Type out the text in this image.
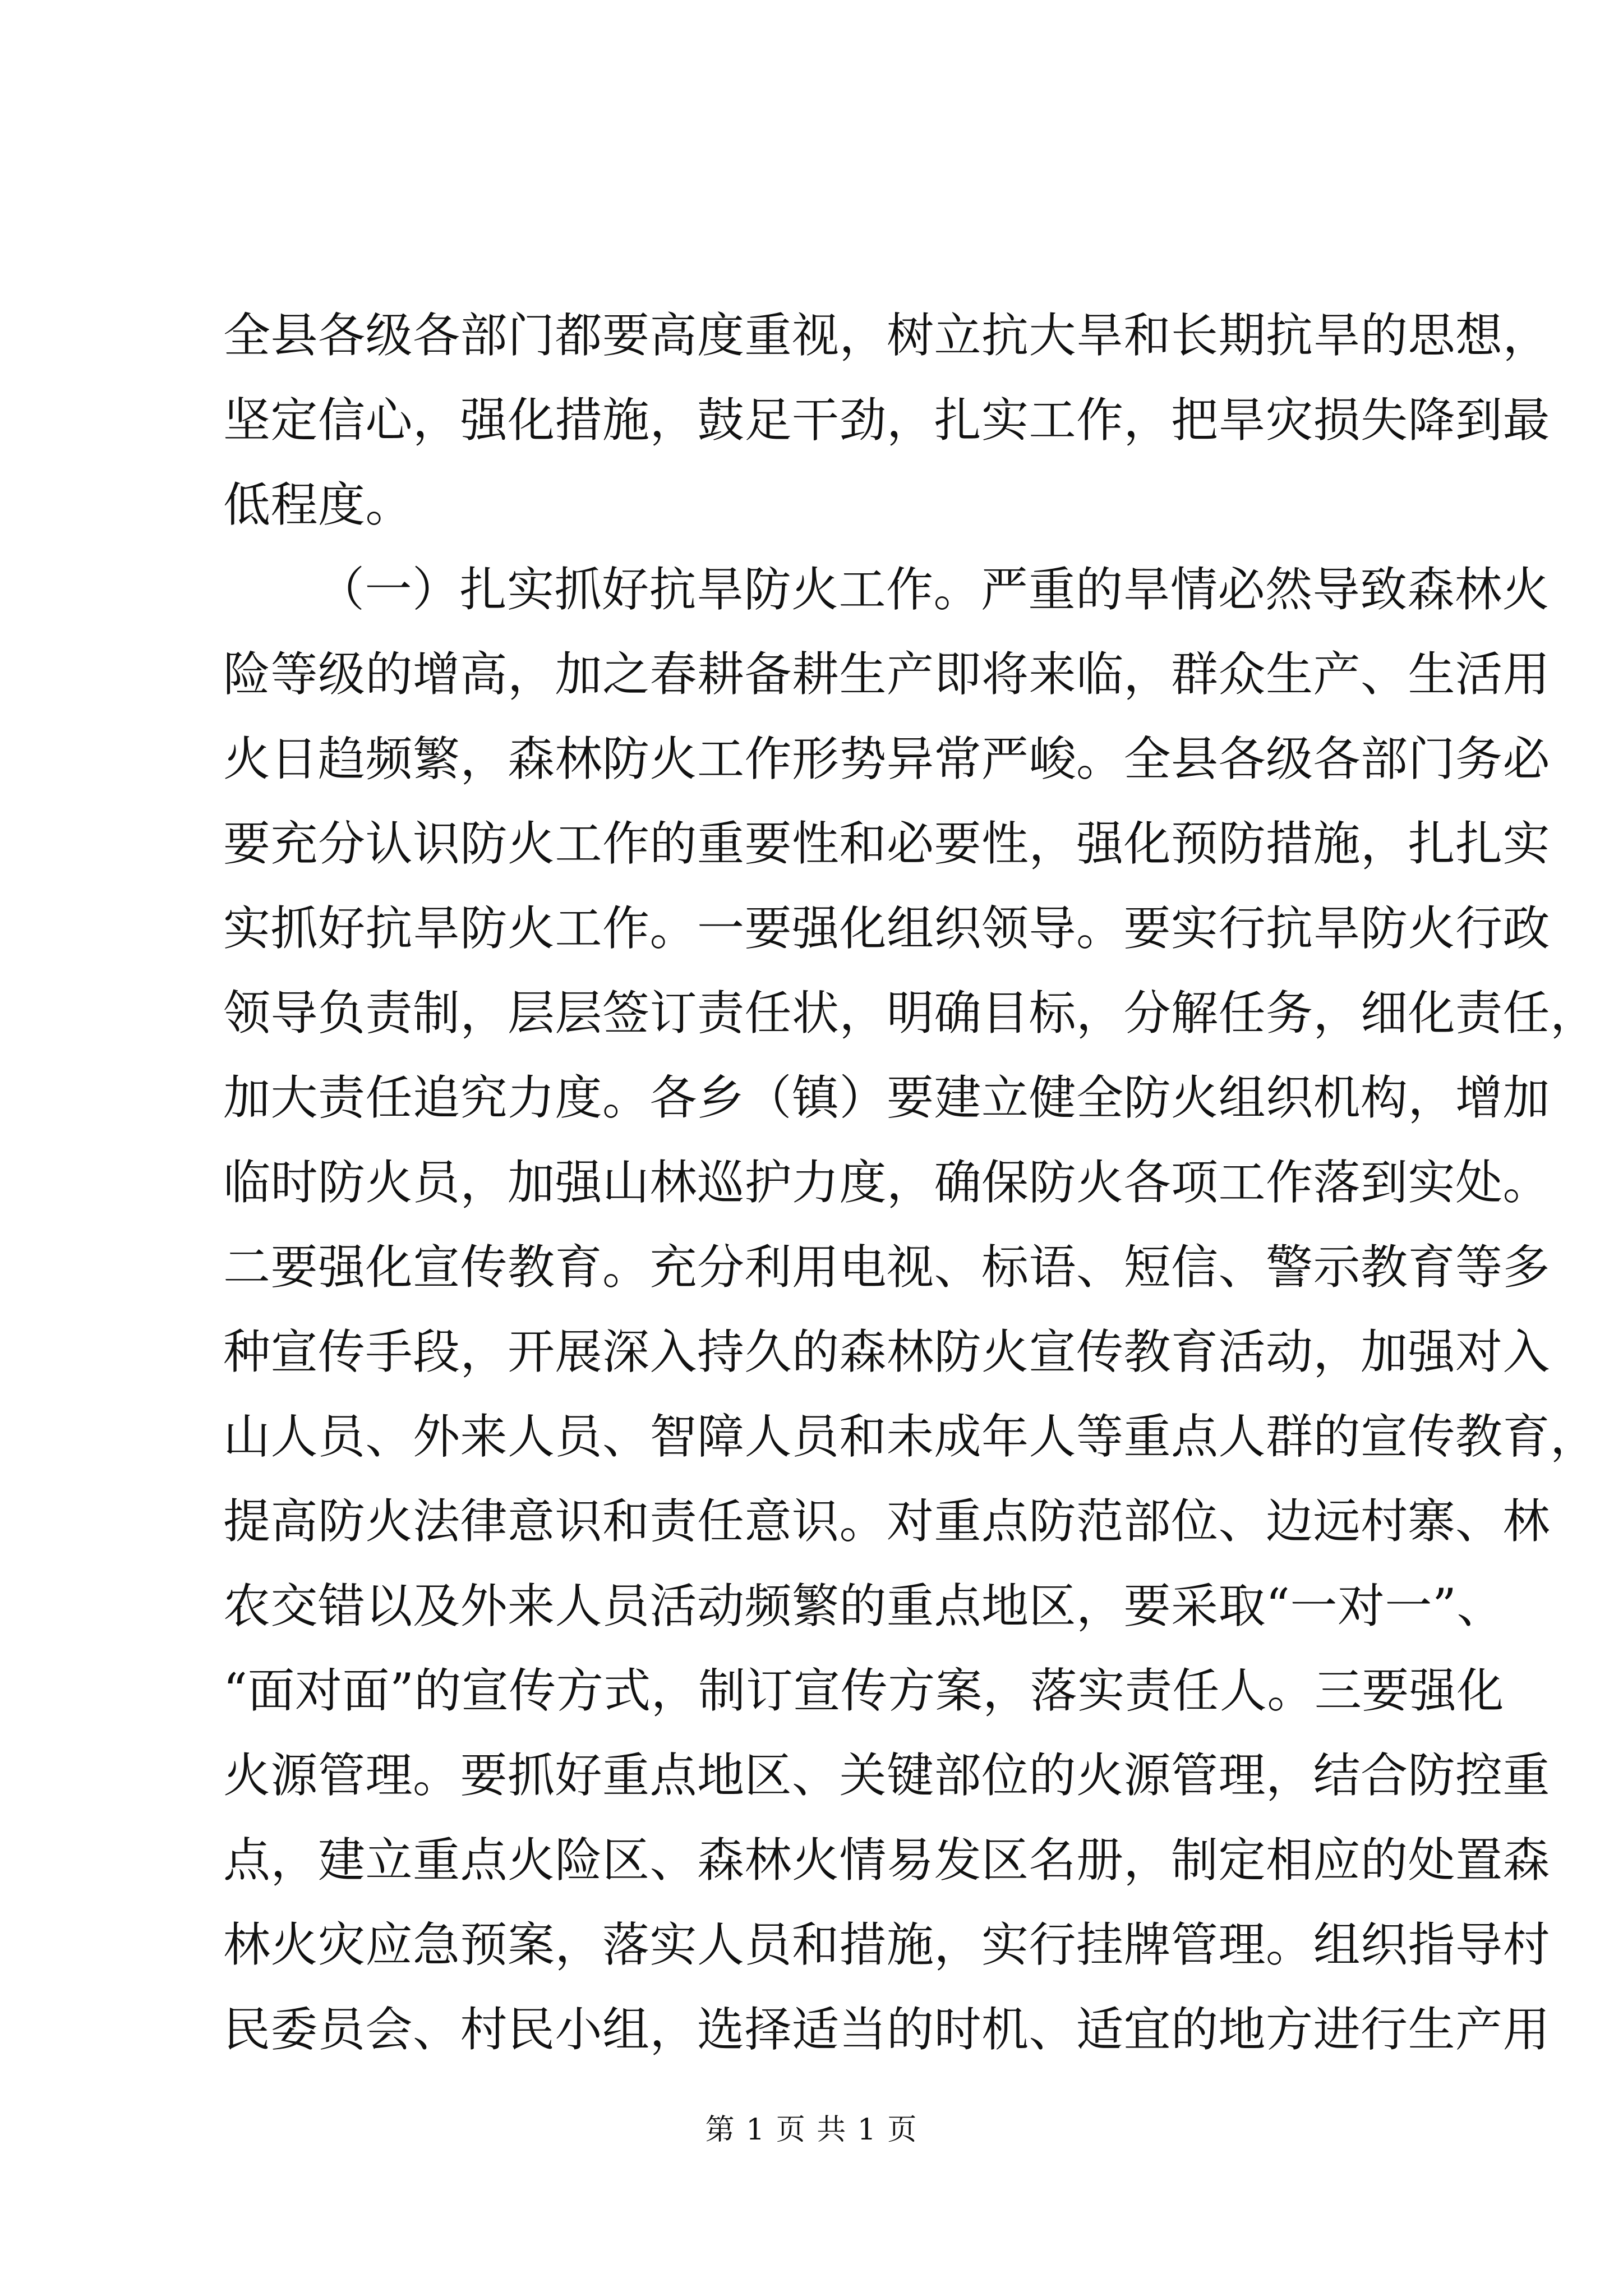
全县各级各部门都要高度重视，树立抗大旱和长期抗旱的思想，
坚定信心，强化措施，鼓足干劲，扎实工作，把旱灾损失降到最
低程度。
（一）扎实抓好抗旱防火工作。严重的旱情必然导致森林火
险等级的增高，加之春耕备耕生产即将来临，群众生产、生活用
火日趋频繁，森林防火工作形势异常严峻。全县各级各部门务必
要充分认识防火工作的重要性和必要性，强化预防措施，扎扎实
实抓好抗旱防火工作。一要强化组织领导。要实行抗旱防火行政
领导负责制，层层签订责任状，明确目标，分解任务，细化责任，
加大责任追究力度。各乡（镇）要建立健全防火组织机构，增加
临时防火员，加强山林巡护力度，确保防火各项工作落到实处。
二要强化宣传教育。充分利用电视、标语、短信、警示教育等多
种宣传手段，开展深入持久的森林防火宣传教育活动，加强对入
山人员、外来人员、智障人员和未成年人等重点人群的宣传教育，
提高防火法律意识和责任意识。对重点防范部位、边远村寨、林
农交错以及外来人员活动频繁的重点地区，要采取“一对一”、
“面对面”的宣传方式，制订宣传方案，落实责任人。三要强化
火源管理。要抓好重点地区、关键部位的火源管理，结合防控重
点，建立重点火险区、森林火情易发区名册，制定相应的处置森
林火灾应急预案，落实人员和措施，实行挂牌管理。组织指导村
民委员会、村民小组，选择适当的时机、适宜的地方进行生产用
第 1 页 共 1 页
